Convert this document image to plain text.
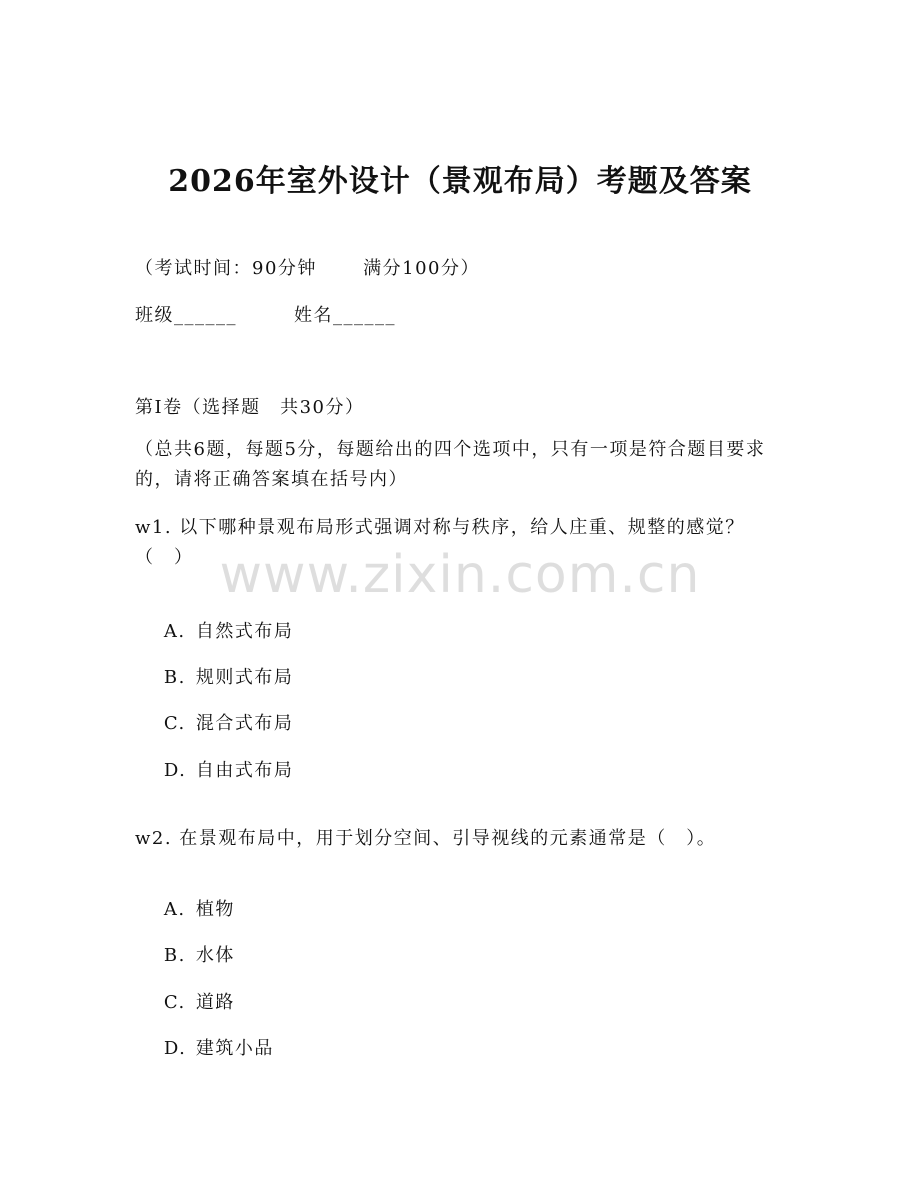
2026年室外设计（景观布局）考题及答案
（考试时间：90分钟　　 满分100分）
班级______	姓名______
第I卷（选择题　共30分）
（总共6题，每题5分，每题给出的四个选项中，只有一项是符合题目要求的，请将正确答案填在括号内）
w1. 以下哪种景观布局形式强调对称与秩序，给人庄重、规整的感觉？（　）

A. 自然式布局

B. 规则式布局

C. 混合式布局

D. 自由式布局

w2. 在景观布局中，用于划分空间、引导视线的元素通常是（　）。

A. 植物

B. 水体

C. 道路

D. 建筑小品

www.zixin.com.cn
